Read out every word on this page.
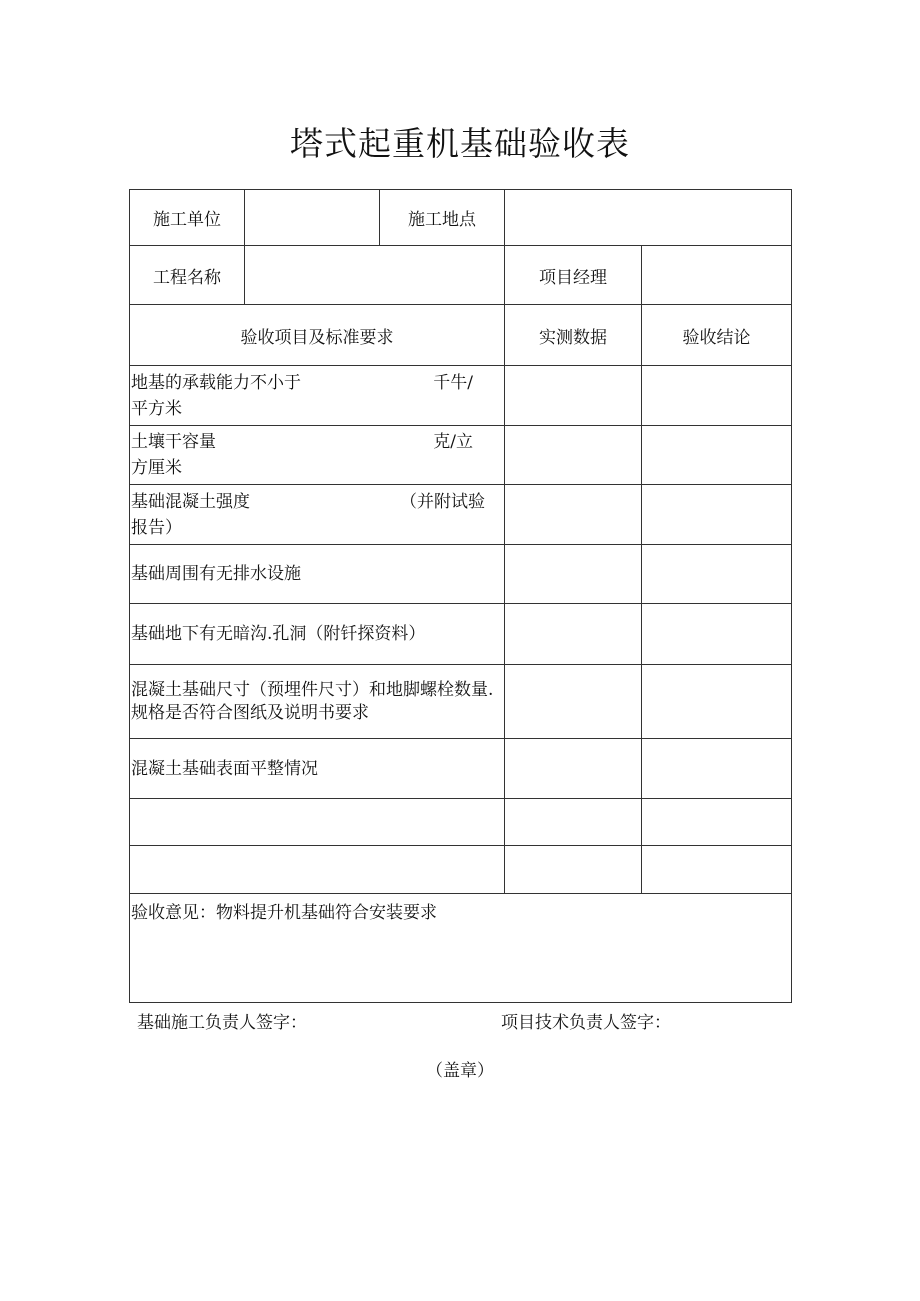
塔式起重机基础验收表
施工单位		施工地点		
工程名称			项目经理	
验收项目及标准要求			实测数据	验收结论

地基的承载能力不小于 千牛/
平方米				

土壤干容量 克/立
方厘米				

基础混凝土强度 （并附试验
报告）				

基础周围有无排水设施				

基础地下有无暗沟.孔洞（附钎探资料）				

混凝土基础尺寸（预埋件尺寸）和地脚螺栓数量.
规格是否符合图纸及说明书要求				

混凝土基础表面平整情况				

验收意见：物料提升机基础符合安装要求				
基础施工负责人签字：	项目技术负责人签字：
（盖章）
